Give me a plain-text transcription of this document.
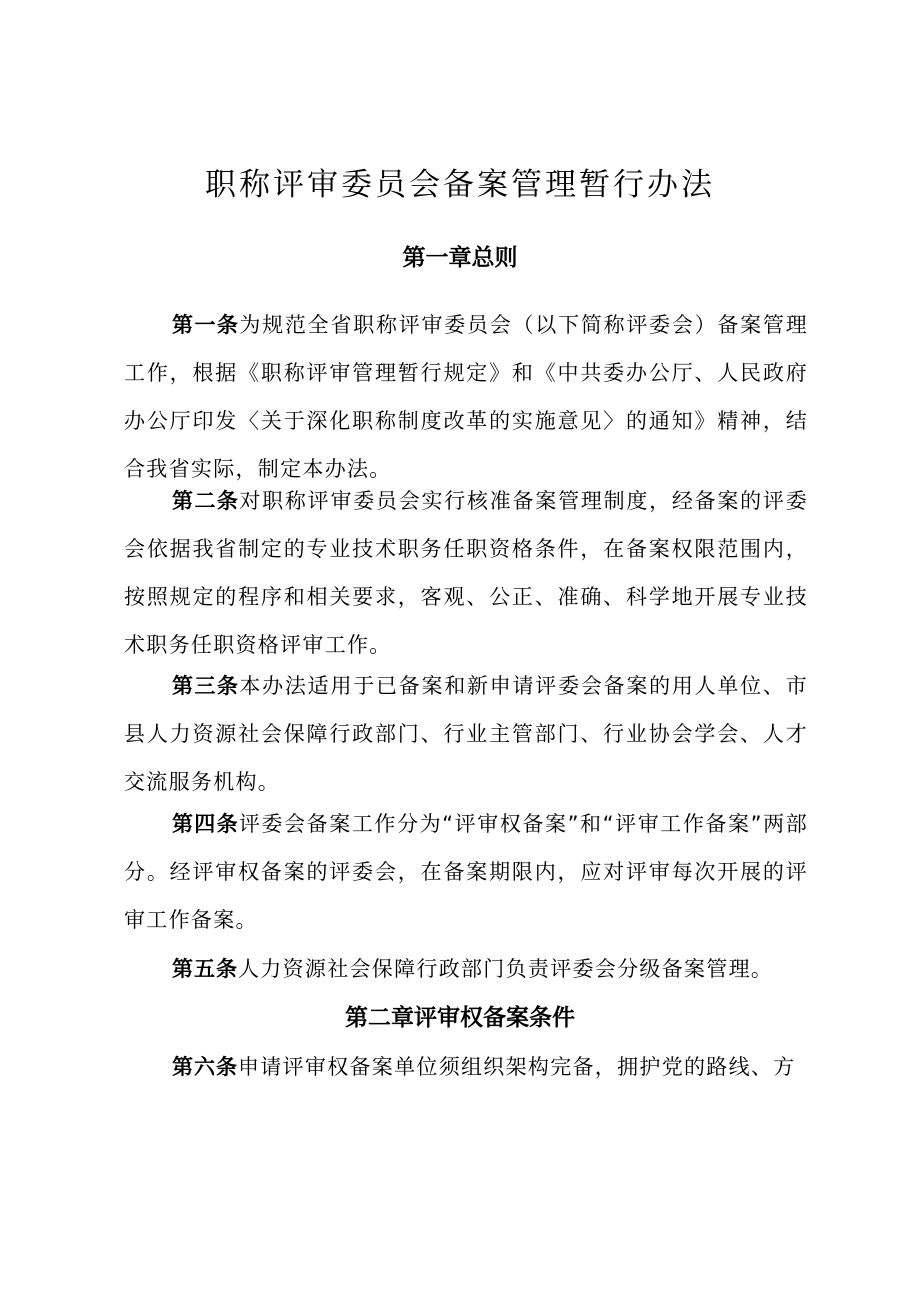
职称评审委员会备案管理暂行办法
第一章总则

第一条为规范全省职称评审委员会（以下简称评委会）备案管理工作，根据《职称评审管理暂行规定》和《中共委办公厅、人民政府办公厅印发〈关于深化职称制度改革的实施意见〉的通知》精神，结合我省实际，制定本办法。

第二条对职称评审委员会实行核准备案管理制度，经备案的评委会依据我省制定的专业技术职务任职资格条件，在备案权限范围内，按照规定的程序和相关要求，客观、公正、准确、科学地开展专业技术职务任职资格评审工作。

第三条本办法适用于已备案和新申请评委会备案的用人单位、市县人力资源社会保障行政部门、行业主管部门、行业协会学会、人才交流服务机构。

第四条评委会备案工作分为“评审权备案”和“评审工作备案”两部分。经评审权备案的评委会，在备案期限内，应对评审每次开展的评审工作备案。

第五条人力资源社会保障行政部门负责评委会分级备案管理。

第二章评审权备案条件

第六条申请评审权备案单位须组织架构完备，拥护党的路线、方
